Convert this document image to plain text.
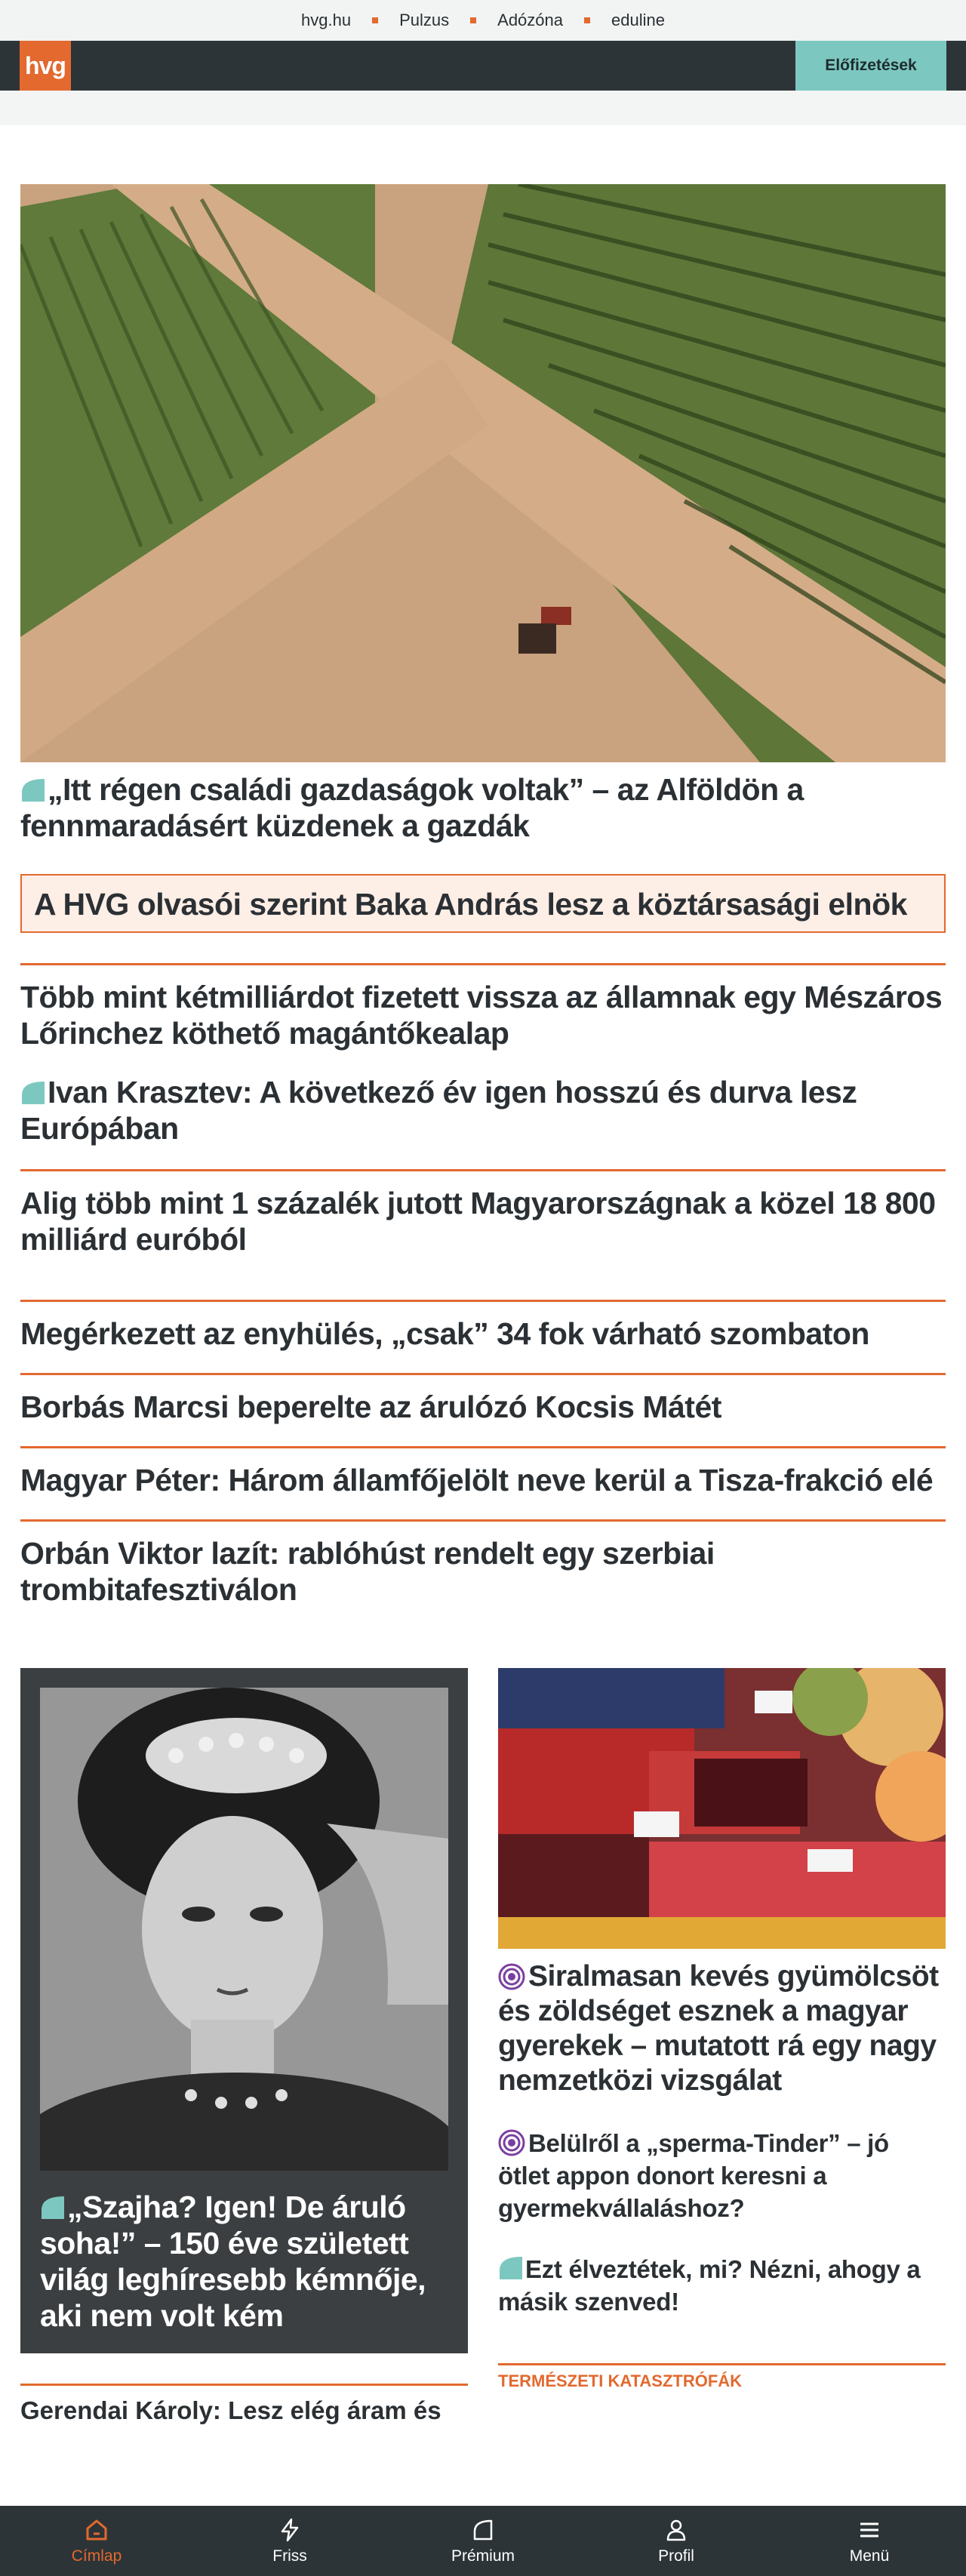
hvg.hu	Pulzus	Adózóna	eduline
hvg	Előfizetések
„Itt régen családi gazdaságok voltak” – az Alföldön a fennmaradásért küzdenek a gazdák
A HVG olvasói szerint Baka András lesz a köztársasági elnök
Több mint kétmilliárdot fizetett vissza az államnak egy Mészáros Lőrinchez köthető magántőkealap
Ivan Krasztev: A következő év igen hosszú és durva lesz Európában
Alig több mint 1 százalék jutott Magyarországnak a közel 18 800 milliárd euróból
Megérkezett az enyhülés, „csak” 34 fok várható szombaton
Borbás Marcsi beperelte az árulózó Kocsis Mátét
Magyar Péter: Három államfőjelölt neve kerül a Tisza-frakció elé
Orbán Viktor lazít: rablóhúst rendelt egy szerbiai trombitafesztiválon
„Szajha? Igen! De áruló soha!” – 150 éve született világ leghíresebb kémnője, aki nem volt kém
Gerendai Károly: Lesz elég áram és
Siralmasan kevés gyümölcsöt és zöldséget esznek a magyar gyerekek – mutatott rá egy nagy nemzetközi vizsgálat
Belülről a „sperma-Tinder” – jó ötlet appon donort keresni a gyermekvállaláshoz?
Ezt élveztétek, mi? Nézni, ahogy a másik szenved!
TERMÉSZETI KATASZTRÓFÁK
Címlap	Friss	Prémium	Profil	Menü
